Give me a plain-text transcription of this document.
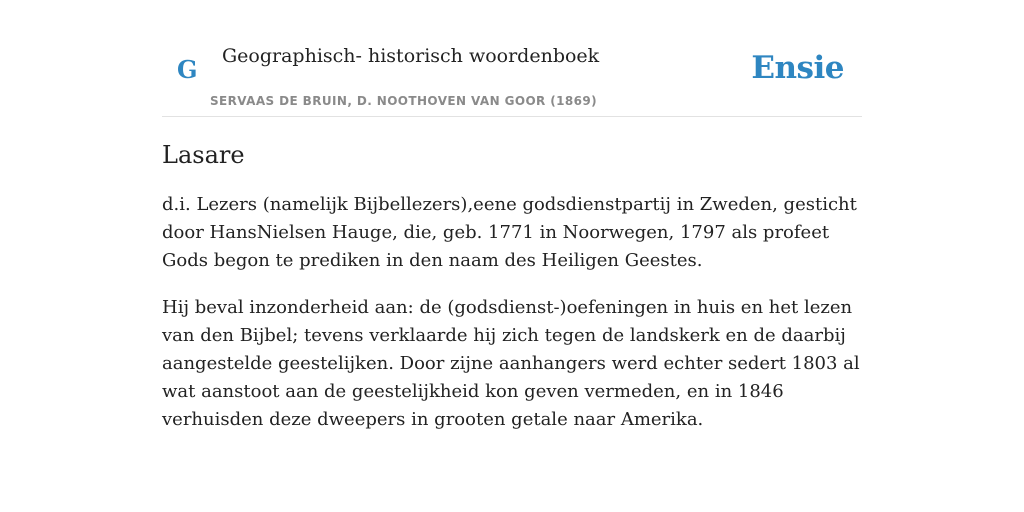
G Geographisch- historisch woordenboek
SERVAAS DE BRUIN, D. NOOTHOVEN VAN GOOR (1869)
Ensie
Lasare

d.i. Lezers (namelijk Bijbellezers),eene godsdienstpartij in Zweden, gesticht door HansNielsen Hauge, die, geb. 1771 in Noorwegen, 1797 als profeet Gods begon te prediken in den naam des Heiligen Geestes.

Hij beval inzonderheid aan: de (godsdienst-)oefeningen in huis en het lezen van den Bijbel; tevens verklaarde hij zich tegen de landskerk en de daarbij aangestelde geestelijken. Door zijne aanhangers werd echter sedert 1803 al wat aanstoot aan de geestelijkheid kon geven vermeden, en in 1846 verhuisden deze dweepers in grooten getale naar Amerika.
